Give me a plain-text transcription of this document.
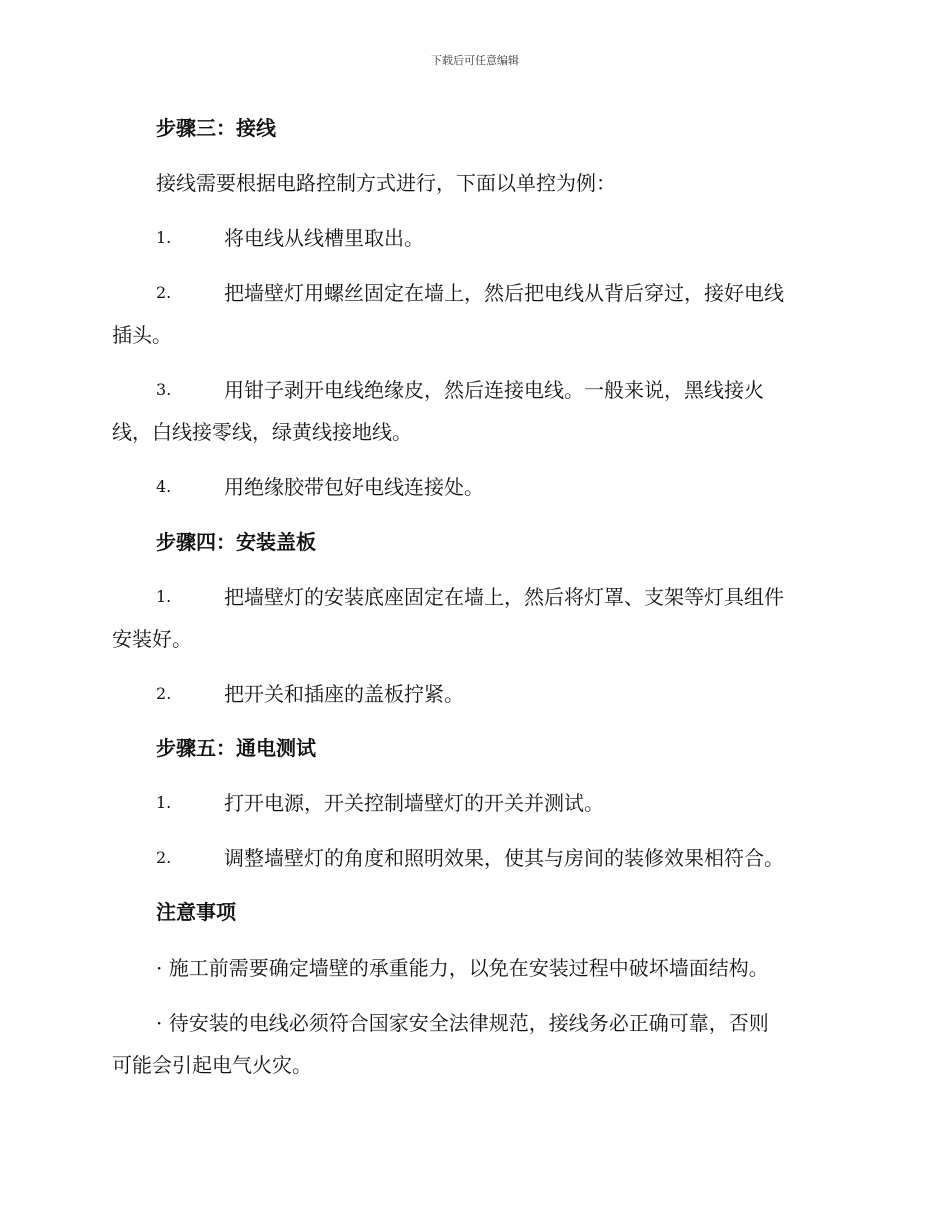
下载后可任意编辑
步骤三：接线
接线需要根据电路控制方式进行，下面以单控为例：
1.	将电线从线槽里取出。
2.	把墙壁灯用螺丝固定在墙上，然后把电线从背后穿过，接好电线
插头。
3.	用钳子剥开电线绝缘皮，然后连接电线。一般来说，黑线接火
线，白线接零线，绿黄线接地线。
4.	用绝缘胶带包好电线连接处。
步骤四：安装盖板
1.	把墙壁灯的安装底座固定在墙上，然后将灯罩、支架等灯具组件
安装好。
2.	把开关和插座的盖板拧紧。
步骤五：通电测试
1.	打开电源，开关控制墙壁灯的开关并测试。
2.	调整墙壁灯的角度和照明效果，使其与房间的装修效果相符合。
注意事项
· 施工前需要确定墙壁的承重能力，以免在安装过程中破坏墙面结构。
· 待安装的电线必须符合国家安全法律规范，接线务必正确可靠，否则
可能会引起电气火灾。
